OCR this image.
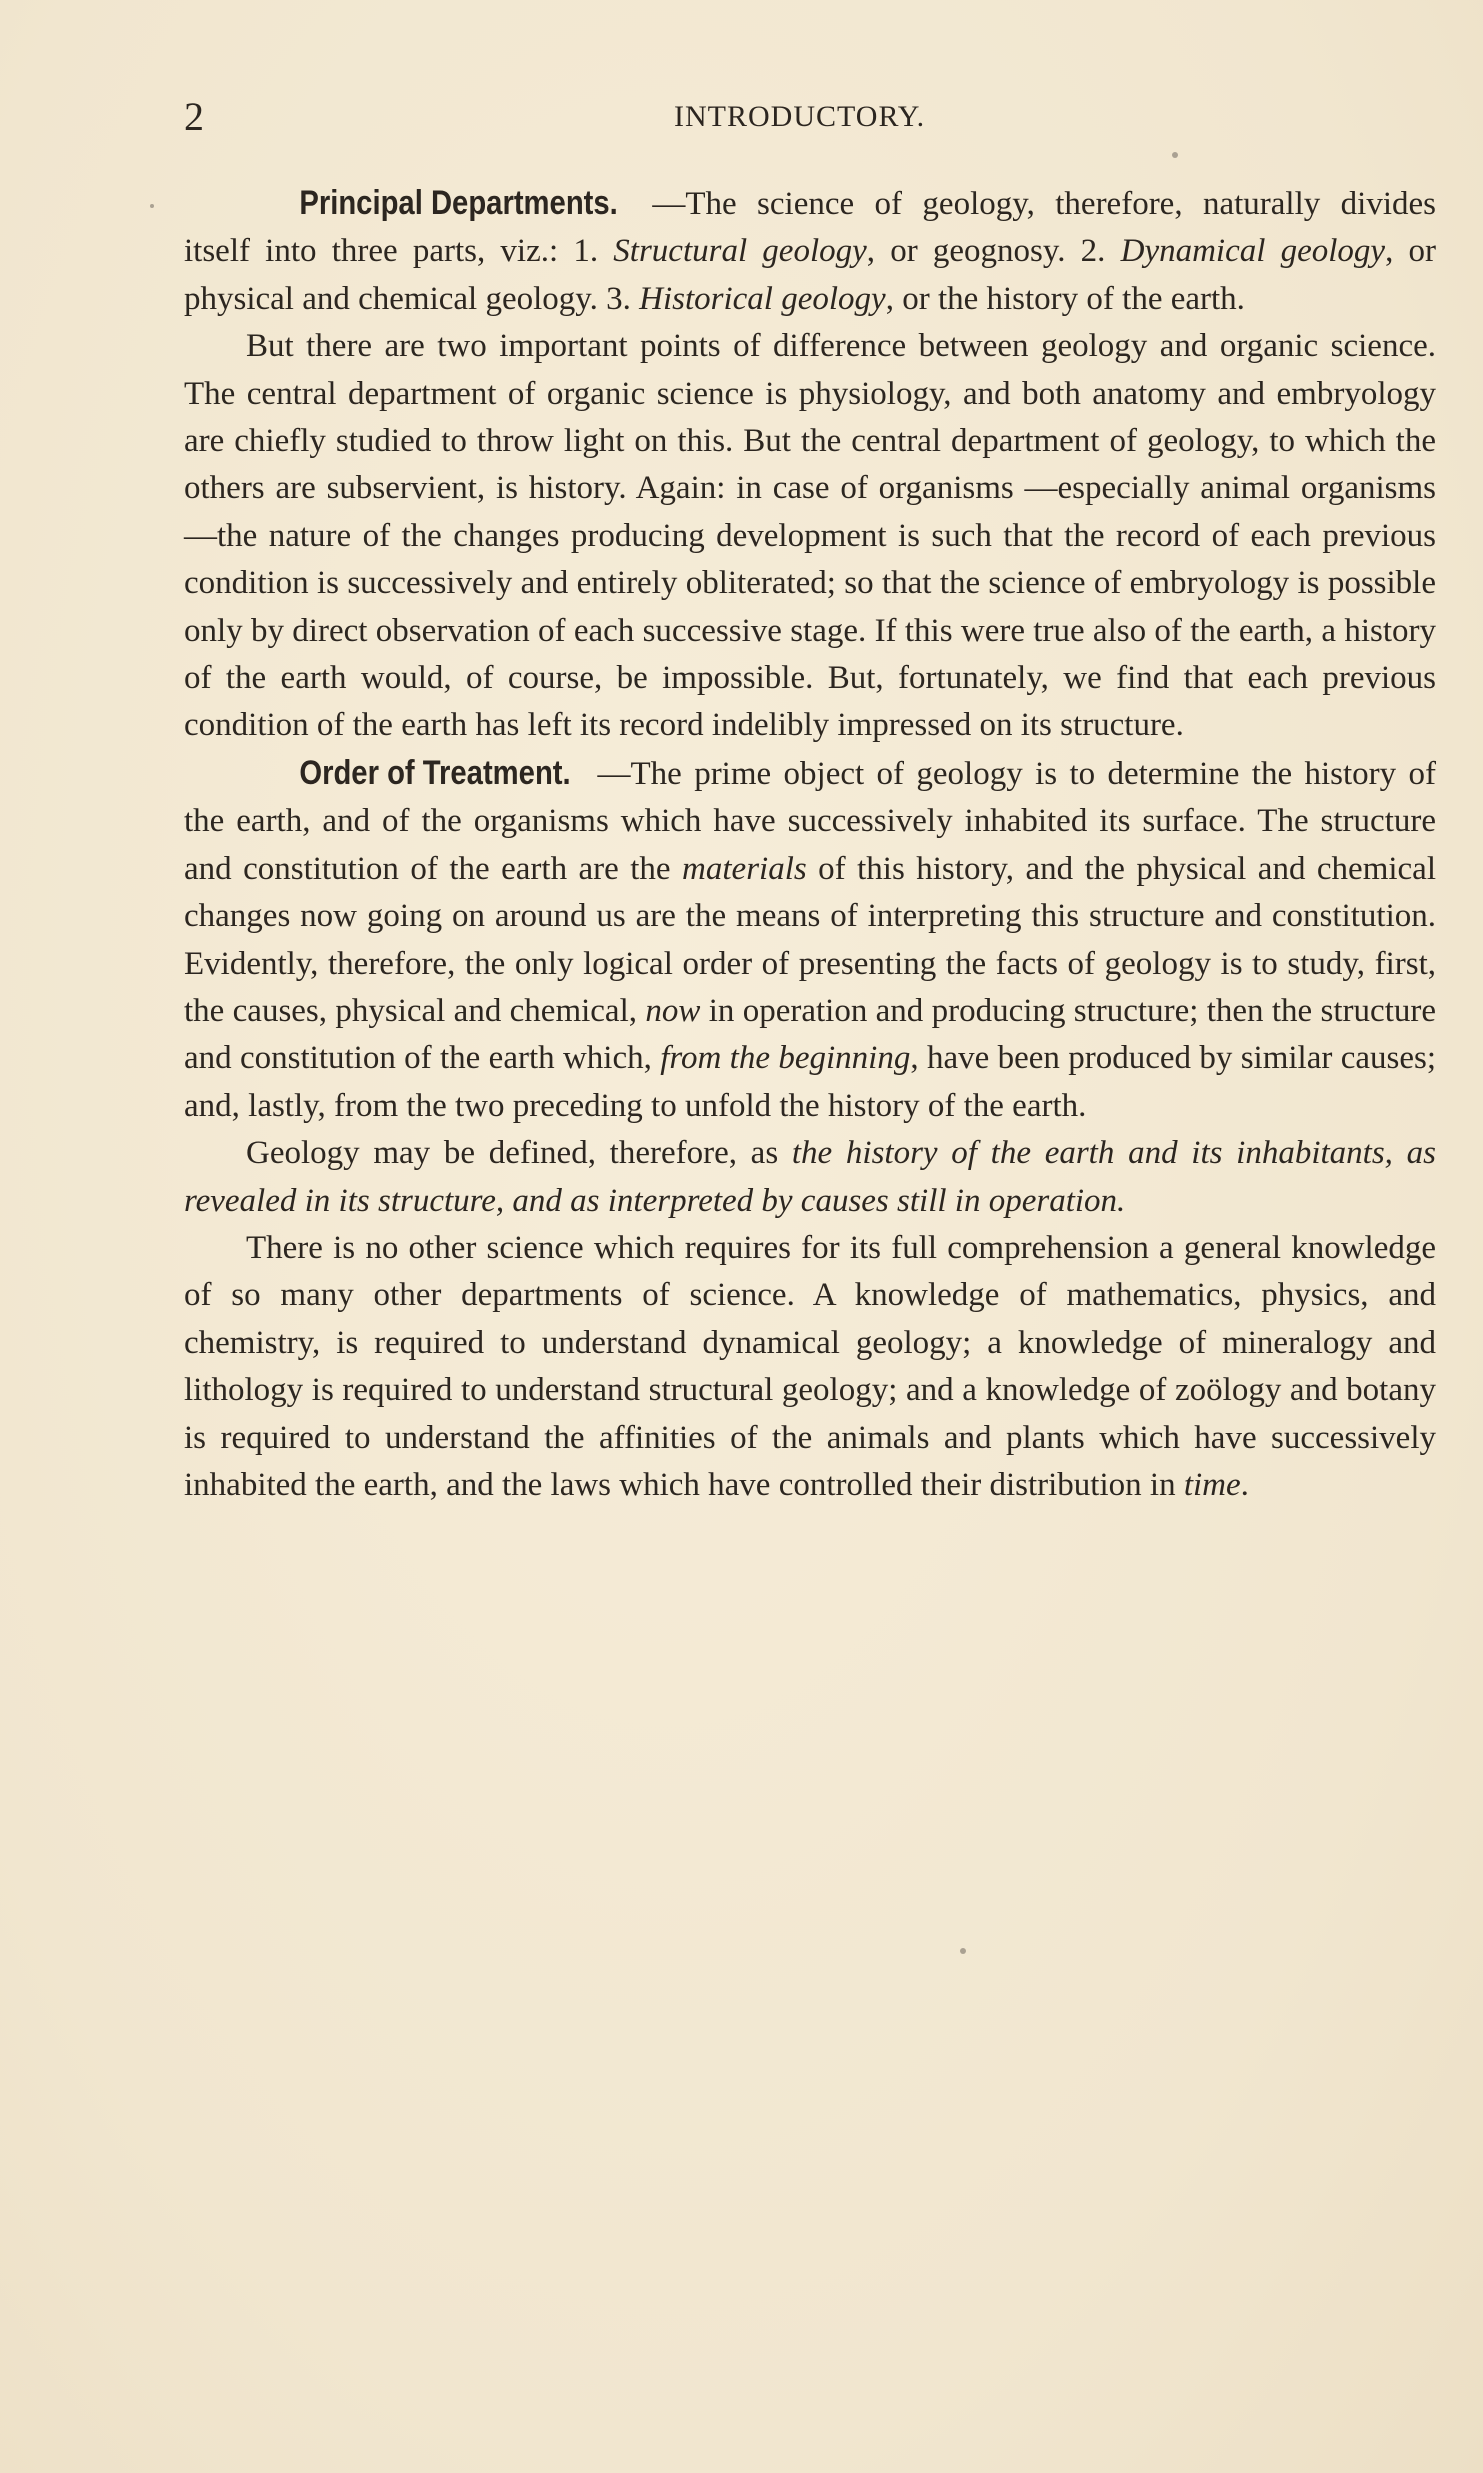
2	INTRODUCTORY.

Principal Departments. —The science of geology, therefore, naturally divides itself into three parts, viz.: 1. Structural geology, or geognosy. 2. Dynamical geology, or physical and chemical geology. 3. Historical geology, or the history of the earth.

But there are two important points of difference between geology and organic science. The central department of organic science is physiology, and both anatomy and embryology are chiefly studied to throw light on this. But the central department of geology, to which the others are subservient, is history. Again: in case of organisms —especially animal organisms—the nature of the changes producing development is such that the record of each previous condition is successively and entirely obliterated; so that the science of embryology is possible only by direct observation of each successive stage. If this were true also of the earth, a history of the earth would, of course, be impossible. But, fortunately, we find that each previous condition of the earth has left its record indelibly impressed on its structure.

Order of Treatment. —The prime object of geology is to determine the history of the earth, and of the organisms which have successively inhabited its surface. The structure and constitution of the earth are the materials of this history, and the physical and chemical changes now going on around us are the means of interpreting this structure and constitution. Evidently, therefore, the only logical order of presenting the facts of geology is to study, first, the causes, physical and chemical, now in operation and producing structure; then the structure and constitution of the earth which, from the beginning, have been produced by similar causes; and, lastly, from the two preceding to unfold the history of the earth.

Geology may be defined, therefore, as the history of the earth and its inhabitants, as revealed in its structure, and as interpreted by causes still in operation.

There is no other science which requires for its full comprehension a general knowledge of so many other departments of science. A knowledge of mathematics, physics, and chemistry, is required to understand dynamical geology; a knowledge of mineralogy and lithology is required to understand structural geology; and a knowledge of zoölogy and botany is required to understand the affinities of the animals and plants which have successively inhabited the earth, and the laws which have controlled their distribution in time.
